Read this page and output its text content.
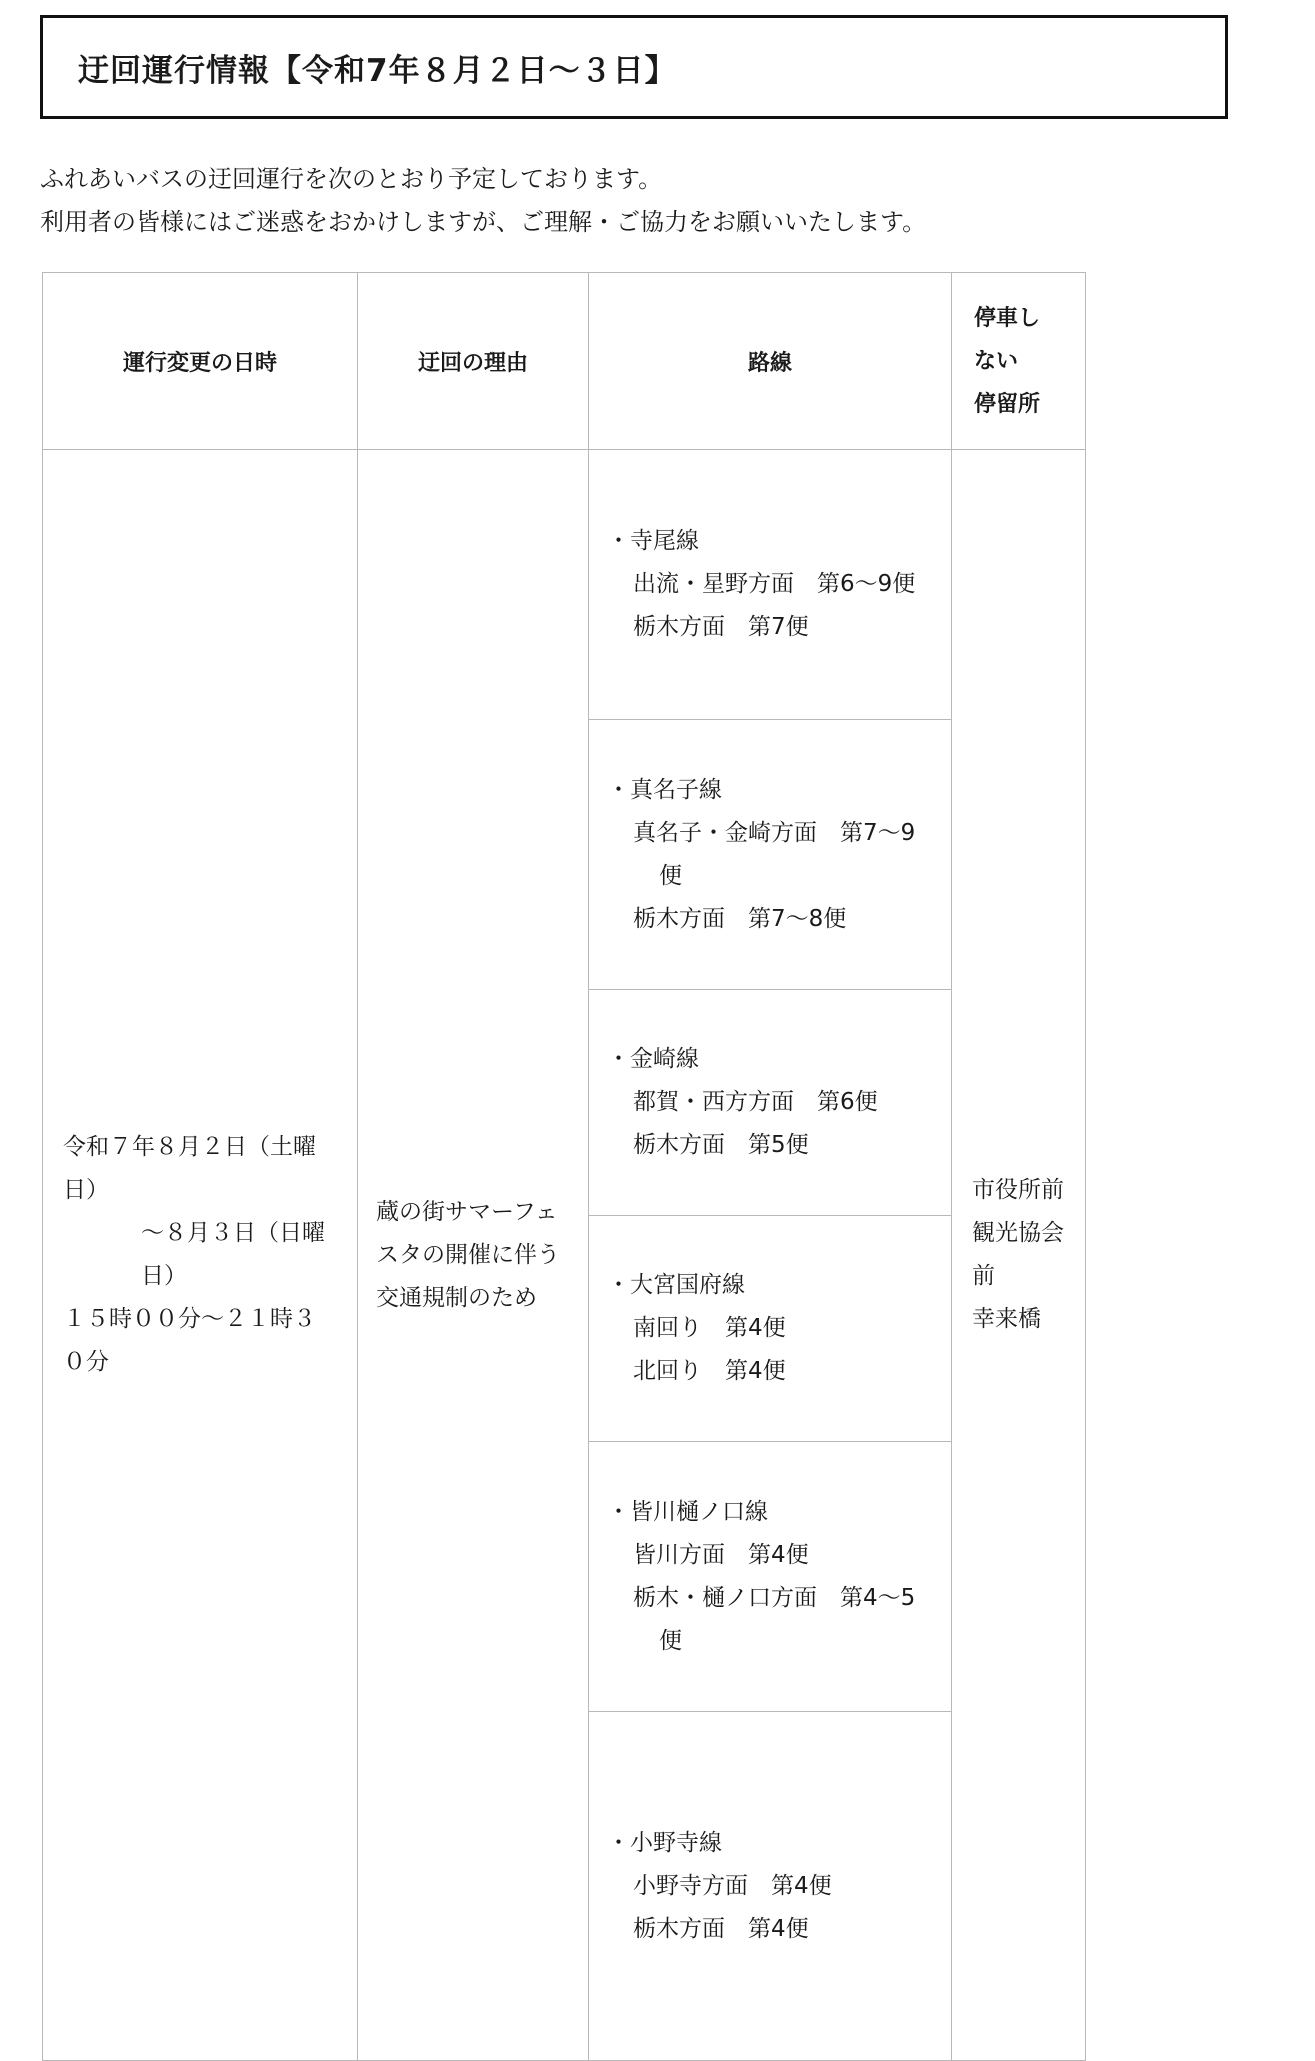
迂回運行情報【令和7年８月２日～３日】

ふれあいバスの迂回運行を次のとおり予定しております。

利用者の皆様にはご迷惑をおかけしますが、ご理解・ご協力をお願いいたします。

運行変更の日時	迂回の理由	路線
停車し
ない
停留所
令和７年８月２日（土曜日）
～８月３日（日曜日）
１５時００分～２１時３０分
蔵の街サマーフェスタの開催に伴う交通規制のため
・寺尾線
出流・星野方面　第6～9便
栃木方面　第7便
・真名子線
真名子・金崎方面　第7～9便
栃木方面　第7～8便
・金崎線
都賀・西方方面　第6便
栃木方面　第5便
・大宮国府線
南回り　第4便
北回り　第4便
・皆川樋ノ口線
皆川方面　第4便
栃木・樋ノ口方面　第4～5便
・小野寺線
小野寺方面　第4便
栃木方面　第4便
市役所前
観光協会前
幸来橋
